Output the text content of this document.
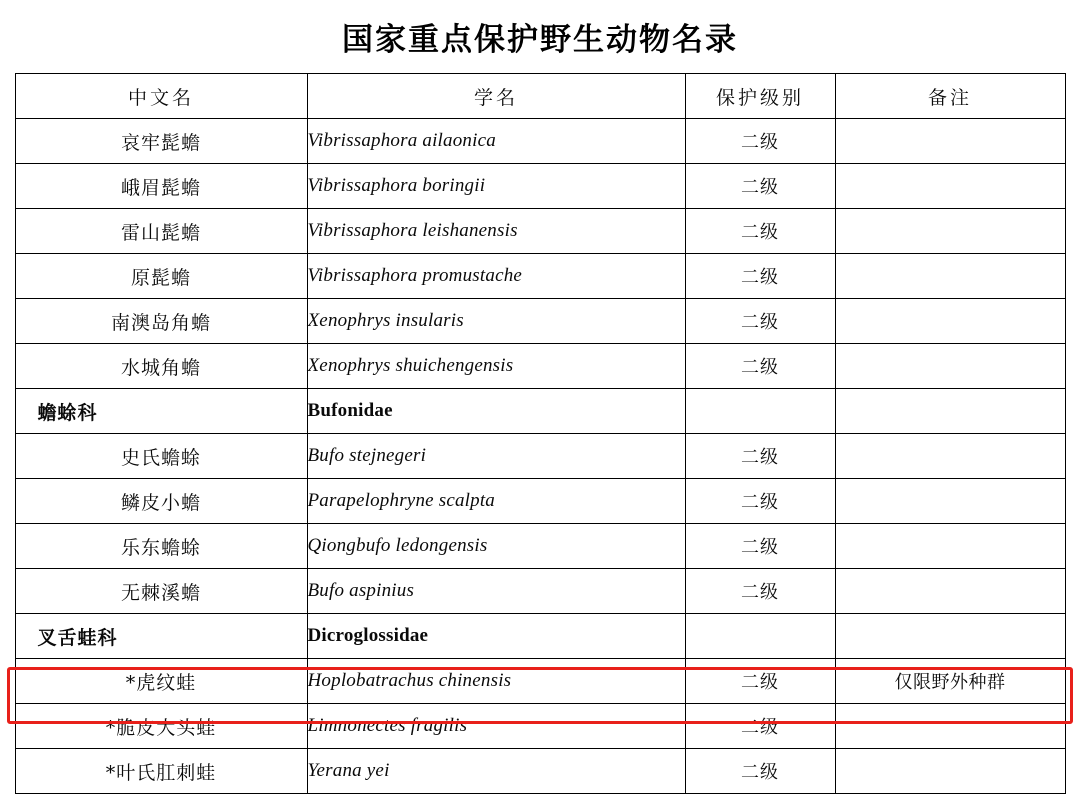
国家重点保护野生动物名录
中文名	学名	保护级别	备注
哀牢髭蟾	Vibrissaphora ailaonica	二级	
峨眉髭蟾	Vibrissaphora boringii	二级	
雷山髭蟾	Vibrissaphora leishanensis	二级	
原髭蟾	Vibrissaphora promustache	二级	
南澳岛角蟾	Xenophrys insularis	二级	
水城角蟾	Xenophrys shuichengensis	二级	
蟾蜍科	Bufonidae		
史氏蟾蜍	Bufo stejnegeri	二级	
鳞皮小蟾	Parapelophryne scalpta	二级	
乐东蟾蜍	Qiongbufo ledongensis	二级	
无棘溪蟾	Bufo aspinius	二级	
叉舌蛙科	Dicroglossidae		
*虎纹蛙	Hoplobatrachus chinensis	二级	仅限野外种群
*脆皮大头蛙	Limnonectes fragilis	二级	
*叶氏肛刺蛙	Yerana yei	二级	
